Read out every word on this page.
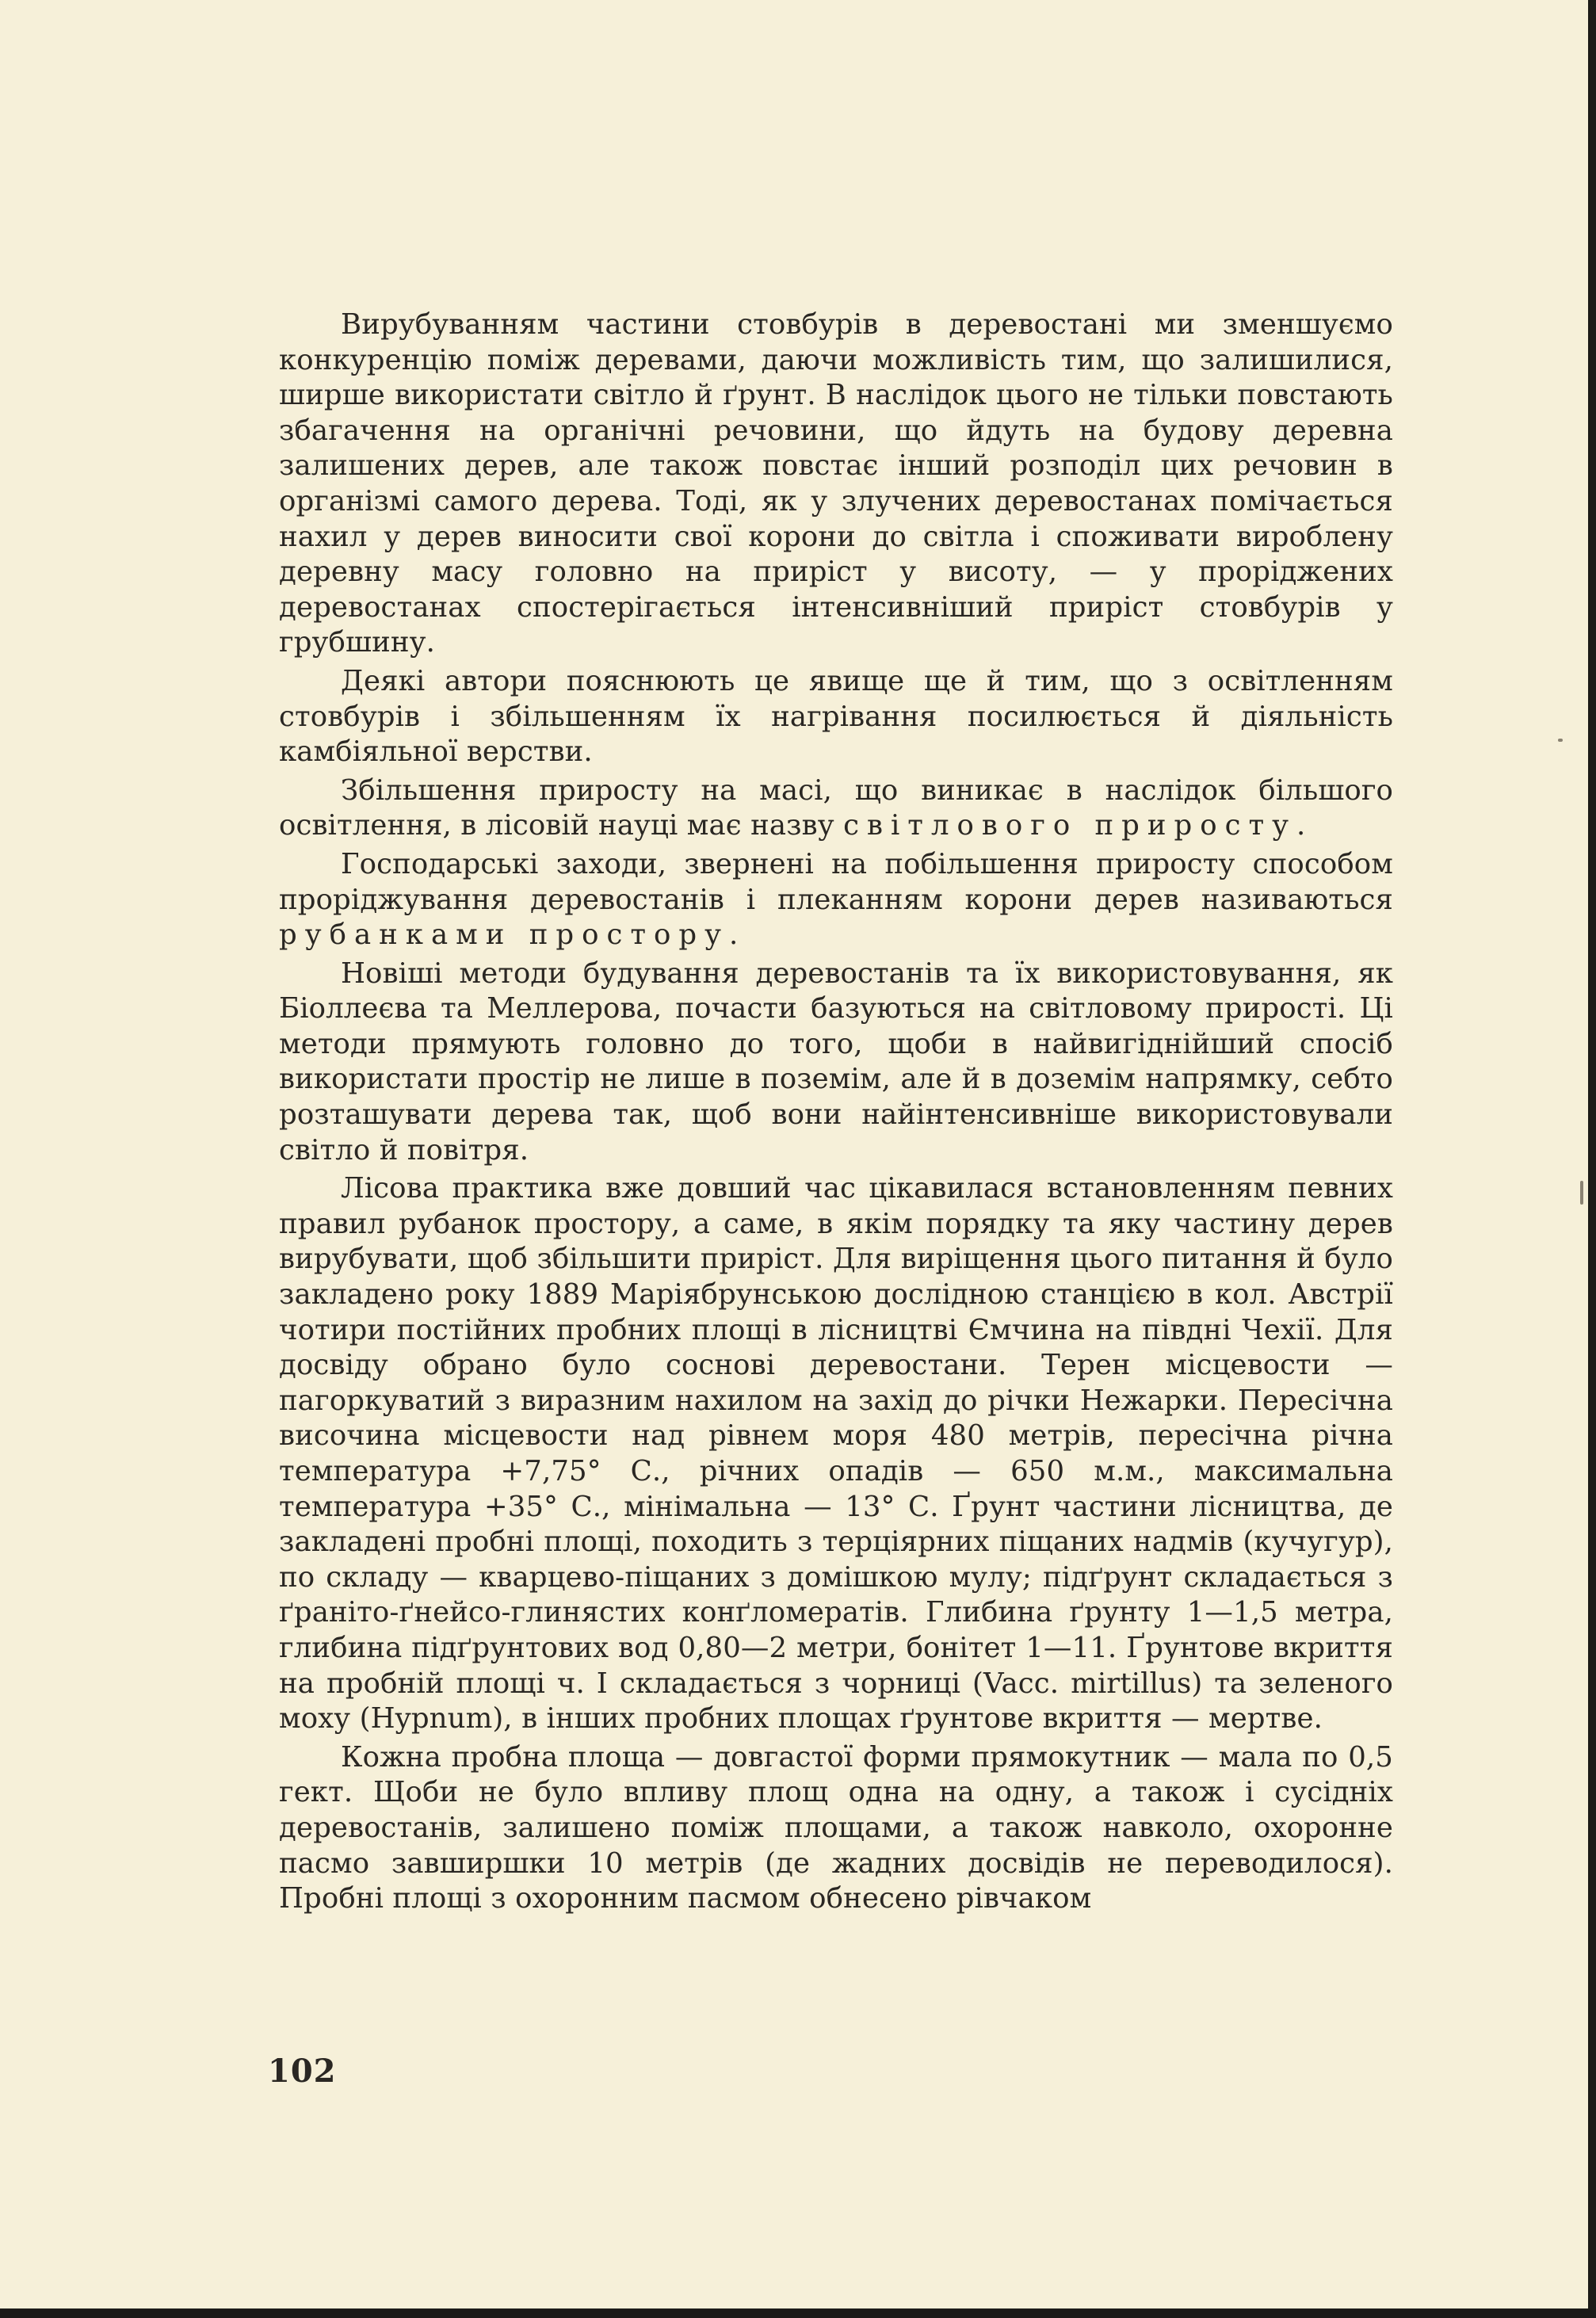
Вирубуванням частини стовбурів в деревостані ми зменшуємо конкуренцію поміж деревами, даючи можливість тим, що залишилися, ширше використати світло й ґрунт. В наслідок цього не тільки повстають збагачення на органічні речовини, що йдуть на будову деревна залишених дерев, але також повстає інший розподіл цих речовин в організмі самого дерева. Тоді, як у злучених деревостанах помічається нахил у дерев виносити свої корони до світла і споживати вироблену деревну масу головно на приріст у висоту, — у проріджених деревостанах спостерігається інтенсивніший приріст стовбурів у грубшину.

Деякі автори пояснюють це явище ще й тим, що з освітленням стовбурів і збільшенням їх нагрівання посилюється й діяльність камбіяльної верстви.

Збільшення приросту на масі, що виникає в наслідок більшого освітлення, в лісовій науці має назву світлового приросту.

Господарські заходи, звернені на побільшення приросту способом проріджування деревостанів і плеканням корони дерев називаються рубанками простору.

Новіші методи будування деревостанів та їх використовування, як Біоллеєва та Меллерова, почасти базуються на світловому прирості. Ці методи прямують головно до того, щоби в найвигіднійший спосіб використати простір не лише в поземім, але й в доземім напрямку, себто розташувати дерева так, щоб вони найінтенсивніше використовували світло й повітря.

Лісова практика вже довший час цікавилася встановленням певних правил рубанок простору, а саме, в якім порядку та яку частину дерев вирубувати, щоб збільшити приріст. Для виріщення цього питання й було закладено року 1889 Маріябрунською дослідною станцією в кол. Австрії чотири постійних пробних площі в лісництві Ємчина на півдні Чехії. Для досвіду обрано було соснові деревостани. Терен місцевости — пагоркуватий з виразним нахилом на захід до річки Нежарки. Пересічна височина місцевости над рівнем моря 480 метрів, пересічна річна температура +7,75° С., річних опадів — 650 м.м., максимальна температура +35° С., мінімальна — 13° С. Ґрунт частини лісництва, де закладені пробні площі, походить з терціярних піщаних надмів (кучугур), по складу — кварцево-піщаних з домішкою мулу; підґрунт складається з ґраніто-ґнейсо-глинястих конґломератів. Глибина ґрунту 1—1,5 метра, глибина підґрунтових вод 0,80—2 метри, бонітет 1—11. Ґрунтове вкриття на пробній площі ч. I складається з чорниці (Vacc. mirtillus) та зеленого моху (Hypnum), в інших пробних площах ґрунтове вкриття — мертве.

Кожна пробна площа — довгастої форми прямокутник — мала по 0,5 гект. Щоби не було впливу площ одна на одну, а також і сусідніх деревостанів, залишено поміж площами, а також навколо, охоронне пасмо завширшки 10 метрів (де жадних досвідів не переводилося). Пробні площі з охоронним пасмом обнесено рівчаком

102
